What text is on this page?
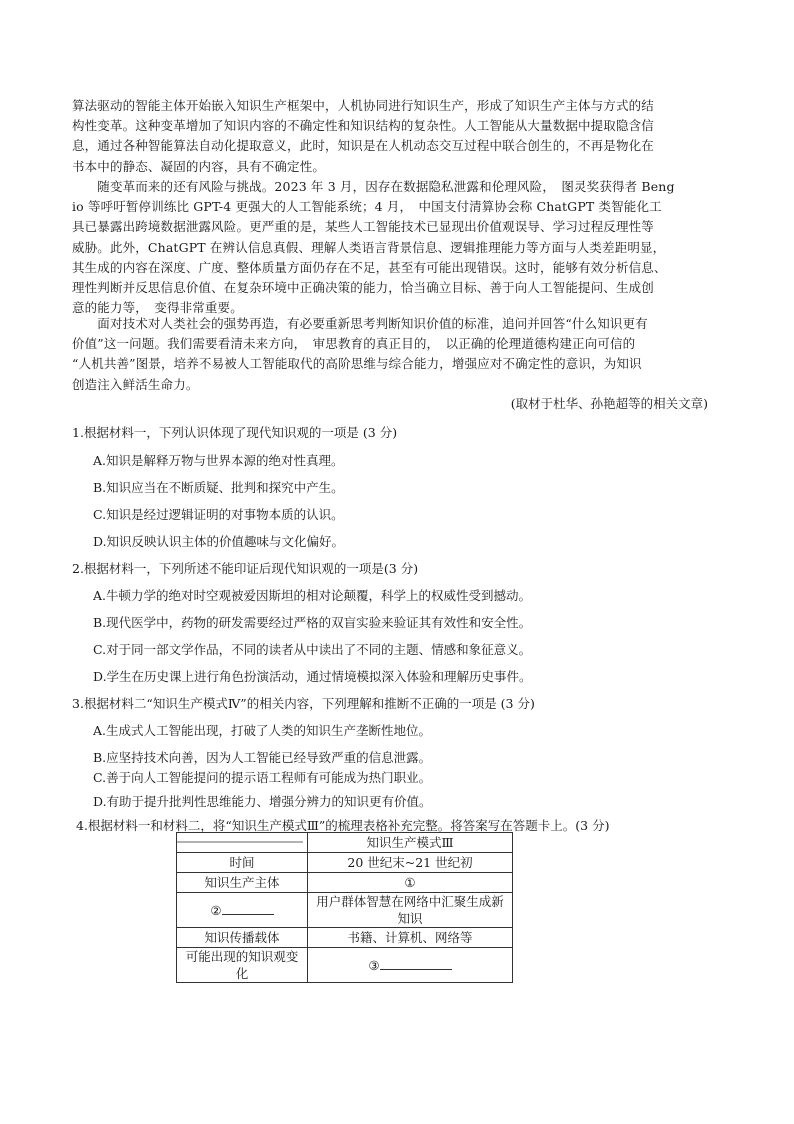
算法驱动的智能主体开始嵌入知识生产框架中，人机协同进行知识生产，形成了知识生产主体与方式的结
构性变革。这种变革增加了知识内容的不确定性和知识结构的复杂性。人工智能从大量数据中提取隐含信
息，通过各种智能算法自动化提取意义，此时，知识是在人机动态交互过程中联合创生的，不再是物化在
书本中的静态、凝固的内容，具有不确定性。

　　随变革而来的还有风险与挑战。2023 年 3 月，因存在数据隐私泄露和伦理风险，　图灵奖获得者 Beng
io 等呼吁暂停训练比 GPT-4 更强大的人工智能系统；4 月，　中国支付清算协会称 ChatGPT 类智能化工
具已暴露出跨境数据泄露风险。更严重的是，某些人工智能技术已显现出价值观误导、学习过程反理性等
威胁。此外，ChatGPT 在辨认信息真假、理解人类语言背景信息、逻辑推理能力等方面与人类差距明显，
其生成的内容在深度、广度、整体质量方面仍存在不足，甚至有可能出现错误。这时，能够有效分析信息、
理性判断并反思信息价值、在复杂环境中正确决策的能力，恰当确立目标、善于向人工智能提问、生成创
意的能力等，　变得非常重要。

　　面对技术对人类社会的强势再造，有必要重新思考判断知识价值的标准，追问并回答“什么知识更有
价值”这一问题。我们需要看清未来方向，　审思教育的真正目的，　以正确的伦理道德构建正向可信的
“人机共善”图景，培养不易被人工智能取代的高阶思维与综合能力，增强应对不确定性的意识，为知识
创造注入鲜活生命力。

(取材于杜华、孙艳超等的相关文章)
1.根据材料一，下列认识体现了现代知识观的一项是 (3 分)
A.知识是解释万物与世界本源的绝对性真理。
B.知识应当在不断质疑、批判和探究中产生。
C.知识是经过逻辑证明的对事物本质的认识。
D.知识反映认识主体的价值趣味与文化偏好。
2.根据材料一，下列所述不能印证后现代知识观的一项是(3 分)
A.牛顿力学的绝对时空观被爱因斯坦的相对论颠覆，科学上的权威性受到撼动。
B.现代医学中，药物的研发需要经过严格的双盲实验来验证其有效性和安全性。
C.对于同一部文学作品，不同的读者从中读出了不同的主题、情感和象征意义。
D.学生在历史课上进行角色扮演活动，通过情境模拟深入体验和理解历史事件。
3.根据材料二“知识生产模式Ⅳ”的相关内容，下列理解和推断不正确的一项是 (3 分)
A.生成式人工智能出现，打破了人类的知识生产垄断性地位。
B.应坚持技术向善，因为人工智能已经导致严重的信息泄露。
C.善于向人工智能提问的提示语工程师有可能成为热门职业。
D.有助于提升批判性思维能力、增强分辨力的知识更有价值。
4.根据材料一和材料二，将“知识生产模式Ⅲ”的梳理表格补充完整。将答案写在答题卡上。(3 分)
	知识生产模式Ⅲ
时间	20 世纪末~21 世纪初
知识生产主体	①
②	用户群体智慧在网络中汇聚生成新
知识

知识传播载体	书籍、计算机、网络等

可能出现的知识观变
化	③
